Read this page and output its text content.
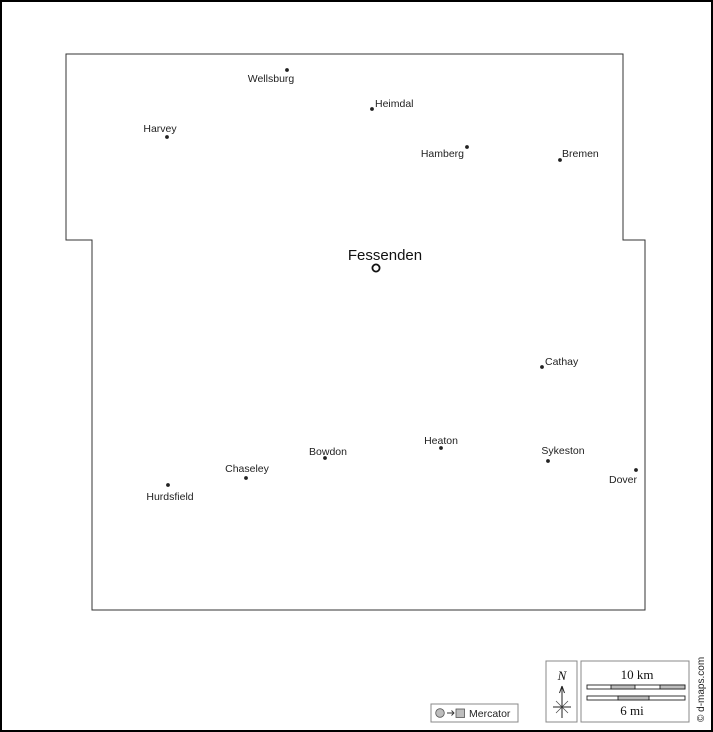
Fessenden
Wellsburg
Heimdal
Harvey
Hamberg	Bremen
Cathay
Heaton
Bowdon	Sykeston
Chaseley
Dover
Hurdsfield
Mercator
N	10 km
6 mi	© d-maps.com
